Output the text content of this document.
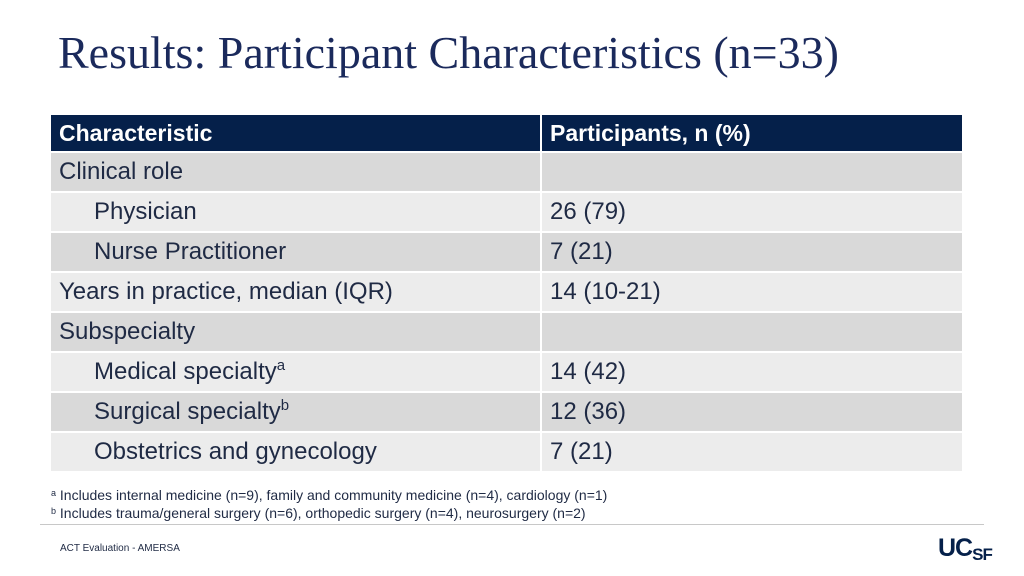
Results: Participant Characteristics (n=33)
Characteristic	Participants, n (%)
Clinical role	
Physician	26 (79)
Nurse Practitioner	7 (21)
Years in practice, median (IQR)	14 (10-21)
Subspecialty	
Medical specialty$^a$	14 (42)
Surgical specialty$^b$	12 (36)
Obstetrics and gynecology	7 (21)
$^a$ Includes internal medicine (n=9), family and community medicine (n=4), cardiology (n=1)
$^b$ Includes trauma/general surgery (n=6), orthopedic surgery (n=4), neurosurgery (n=2)
ACT Evaluation - AMERSA	UCSF
